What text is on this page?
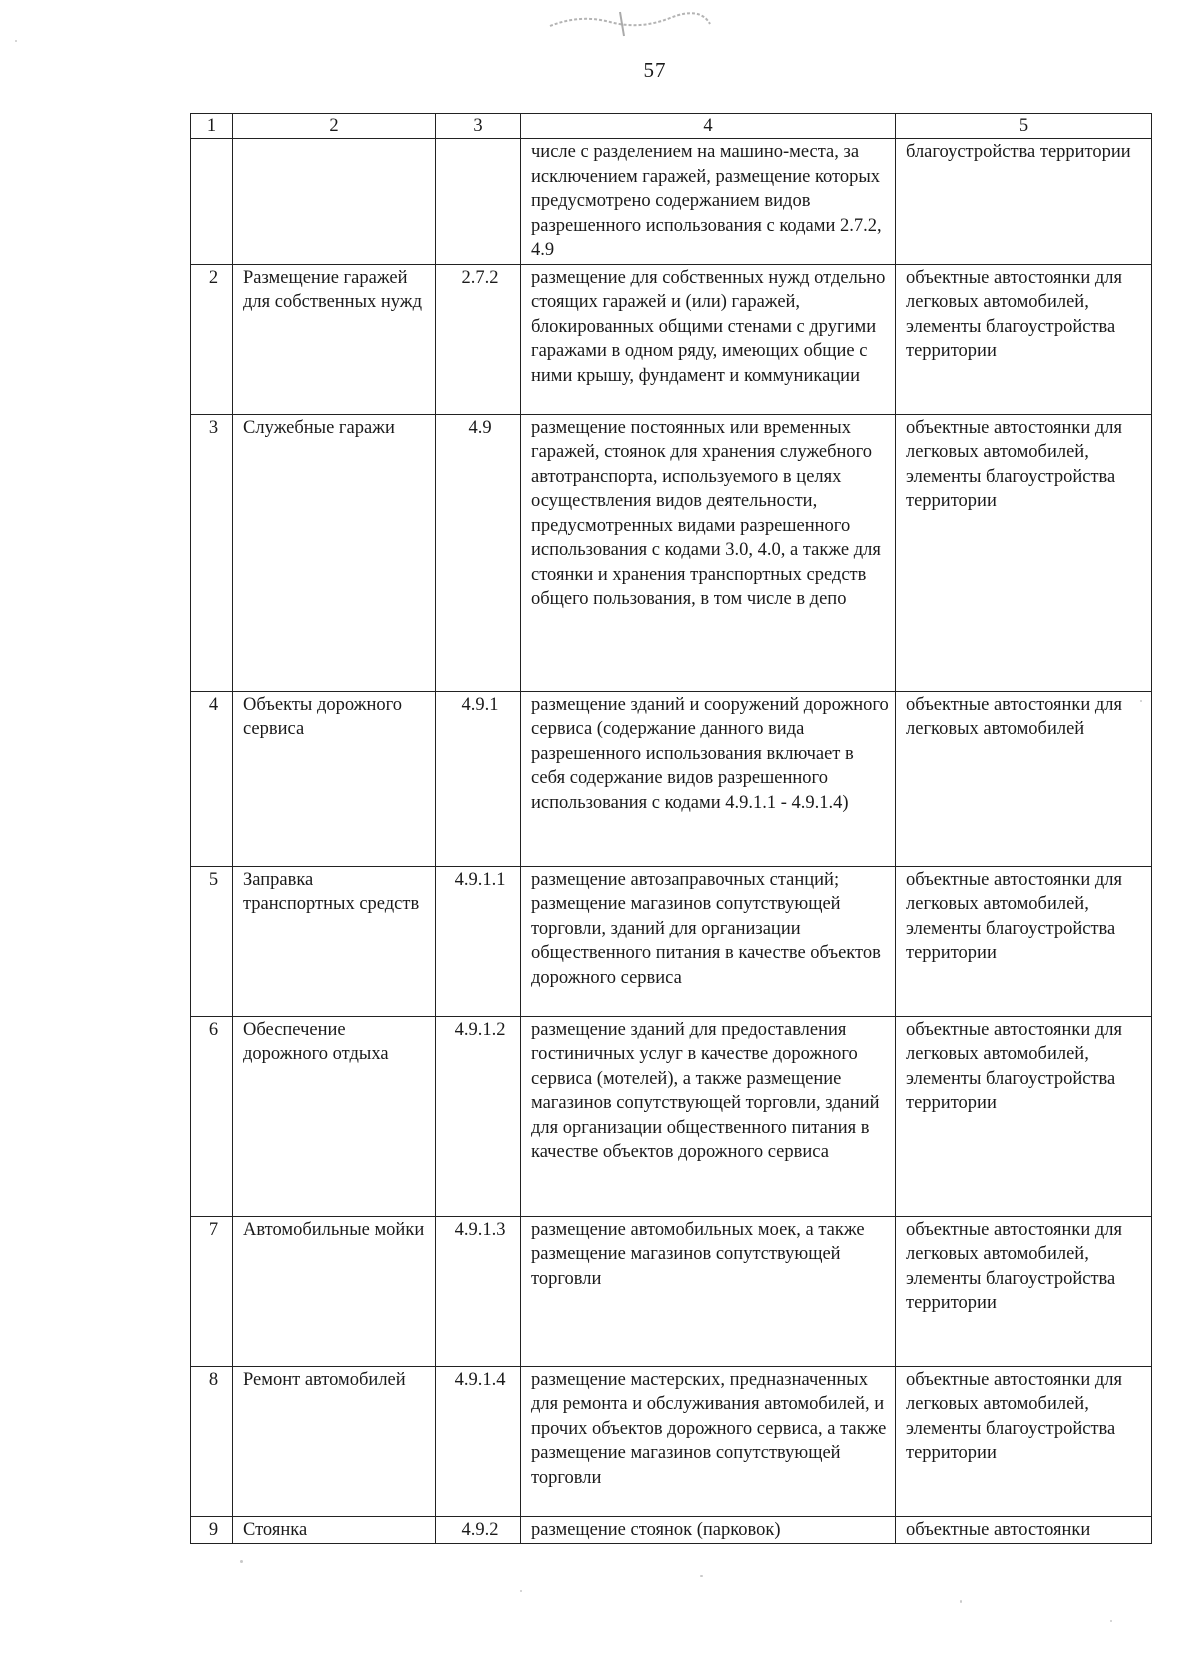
57
1	2	3	4	5
			числе с разделением на машино-места, за исключением гаражей, размещение которых предусмотрено содержанием видов разрешенного использования с кодами 2.7.2, 4.9	благоустройства территории
2	Размещение гаражей для собственных нужд	2.7.2	размещение для собственных нужд отдельно стоящих гаражей и (или) гаражей, блокированных общими стенами с другими гаражами в одном ряду, имеющих общие с ними крышу, фундамент и коммуникации	объектные автостоянки для легковых автомобилей, элементы благоустройства территории
3	Служебные гаражи	4.9	размещение постоянных или временных гаражей, стоянок для хранения служебного автотранспорта, используемого в целях осуществления видов деятельности, предусмотренных видами разрешенного использования с кодами 3.0, 4.0, а также для стоянки и хранения транспортных средств общего пользования, в том числе в депо	объектные автостоянки для легковых автомобилей, элементы благоустройства территории
4	Объекты дорожного сервиса	4.9.1	размещение зданий и сооружений дорожного сервиса (содержание данного вида разрешенного использования включает в себя содержание видов разрешенного использования с кодами 4.9.1.1 - 4.9.1.4)	объектные автостоянки для легковых автомобилей
5	Заправка транспортных средств	4.9.1.1	размещение автозаправочных станций; размещение магазинов сопутствующей торговли, зданий для организации общественного питания в качестве объектов дорожного сервиса	объектные автостоянки для легковых автомобилей, элементы благоустройства территории
6	Обеспечение дорожного отдыха	4.9.1.2	размещение зданий для предоставления гостиничных услуг в качестве дорожного сервиса (мотелей), а также размещение магазинов сопутствующей торговли, зданий для организации общественного питания в качестве объектов дорожного сервиса	объектные автостоянки для легковых автомобилей, элементы благоустройства территории
7	Автомобильные мойки	4.9.1.3	размещение автомобильных моек, а также размещение магазинов сопутствующей торговли	объектные автостоянки для легковых автомобилей, элементы благоустройства территории
8	Ремонт автомобилей	4.9.1.4	размещение мастерских, предназначенных для ремонта и обслуживания автомобилей, и прочих объектов дорожного сервиса, а также размещение магазинов сопутствующей торговли	объектные автостоянки для легковых автомобилей, элементы благоустройства территории
9	Стоянка	4.9.2	размещение стоянок (парковок)	объектные автостоянки
